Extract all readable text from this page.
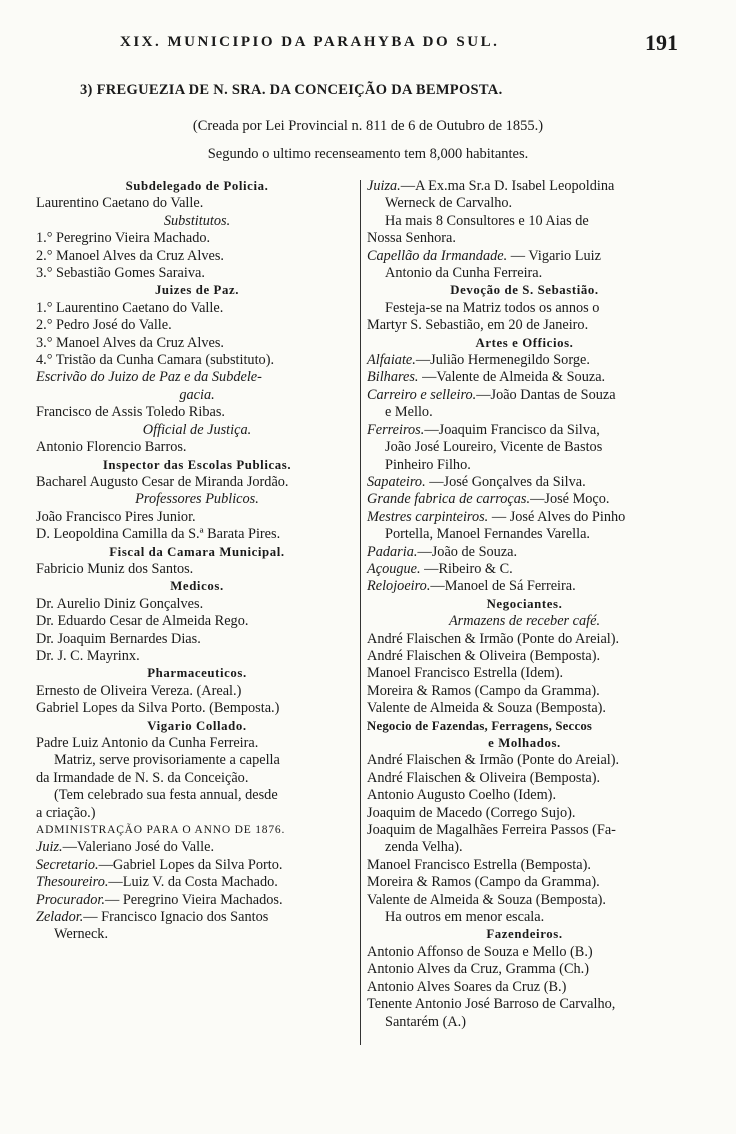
XIX. MUNICIPIO DA PARAHYBA DO SUL.	191
3) FREGUEZIA DE N. SRA. DA CONCEIÇÃO DA BEMPOSTA.
(Creada por Lei Provincial n. 811 de 6 de Outubro de 1855.)
Segundo o ultimo recenseamento tem 8,000 habitantes.
Subdelegado de Policia.
Laurentino Caetano do Valle.
Substitutos.
1.° Peregrino Vieira Machado.
2.° Manoel Alves da Cruz Alves.
3.° Sebastião Gomes Saraiva.
Juizes de Paz.
1.° Laurentino Caetano do Valle.
2.° Pedro José do Valle.
3.° Manoel Alves da Cruz Alves.
4.° Tristão da Cunha Camara (substituto).
Escrivão do Juizo de Paz e da Subdele-
gacia.
Francisco de Assis Toledo Ribas.
Official de Justiça.
Antonio Florencio Barros.
Inspector das Escolas Publicas.
Bacharel Augusto Cesar de Miranda Jordão.
Professores Publicos.
João Francisco Pires Junior.
D. Leopoldina Camilla da S.ª Barata Pires.
Fiscal da Camara Municipal.
Fabricio Muniz dos Santos.
Medicos.
Dr. Aurelio Diniz Gonçalves.
Dr. Eduardo Cesar de Almeida Rego.
Dr. Joaquim Bernardes Dias.
Dr. J. C. Mayrinx.
Pharmaceuticos.
Ernesto de Oliveira Vereza. (Areal.)
Gabriel Lopes da Silva Porto. (Bemposta.)
Vigario Collado.
Padre Luiz Antonio da Cunha Ferreira.
Matriz, serve provisoriamente a capella
da Irmandade de N. S. da Conceição.
(Tem celebrado sua festa annual, desde
a criação.)
ADMINISTRAÇÃO PARA O ANNO DE 1876.
Juiz.—Valeriano José do Valle.
Secretario.—Gabriel Lopes da Silva Porto.
Thesoureiro.—Luiz V. da Costa Machado.
Procurador.— Peregrino Vieira Machados.
Zelador.— Francisco Ignacio dos Santos
Werneck.
Juiza.—A Ex.ma Sr.a D. Isabel Leopoldina
Werneck de Carvalho.
Ha mais 8 Consultores e 10 Aias de
Nossa Senhora.
Capellão da Irmandade. — Vigario Luiz
Antonio da Cunha Ferreira.
Devoção de S. Sebastião.
Festeja-se na Matriz todos os annos o
Martyr S. Sebastião, em 20 de Janeiro.
Artes e Officios.
Alfaiate.—Julião Hermenegildo Sorge.
Bilhares. —Valente de Almeida & Souza.
Carreiro e selleiro.—João Dantas de Souza
e Mello.
Ferreiros.—Joaquim Francisco da Silva,
João José Loureiro, Vicente de Bastos
Pinheiro Filho.
Sapateiro. —José Gonçalves da Silva.
Grande fabrica de carroças.—José Moço.
Mestres carpinteiros. — José Alves do Pinho
Portella, Manoel Fernandes Varella.
Padaria.—João de Souza.
Açougue. —Ribeiro & C.
Relojoeiro.—Manoel de Sá Ferreira.
Negociantes.
Armazens de receber café.
André Flaischen & Irmão (Ponte do Areial).
André Flaischen & Oliveira (Bemposta).
Manoel Francisco Estrella (Idem).
Moreira & Ramos (Campo da Gramma).
Valente de Almeida & Souza (Bemposta).
Negocio de Fazendas, Ferragens, Seccos
e Molhados.
André Flaischen & Irmão (Ponte do Areial).
André Flaischen & Oliveira (Bemposta).
Antonio Augusto Coelho (Idem).
Joaquim de Macedo (Corrego Sujo).
Joaquim de Magalhães Ferreira Passos (Fa-
zenda Velha).
Manoel Francisco Estrella (Bemposta).
Moreira & Ramos (Campo da Gramma).
Valente de Almeida & Souza (Bemposta).
Ha outros em menor escala.
Fazendeiros.
Antonio Affonso de Souza e Mello (B.)
Antonio Alves da Cruz, Gramma (Ch.)
Antonio Alves Soares da Cruz (B.)
Tenente Antonio José Barroso de Carvalho,
Santarém (A.)
